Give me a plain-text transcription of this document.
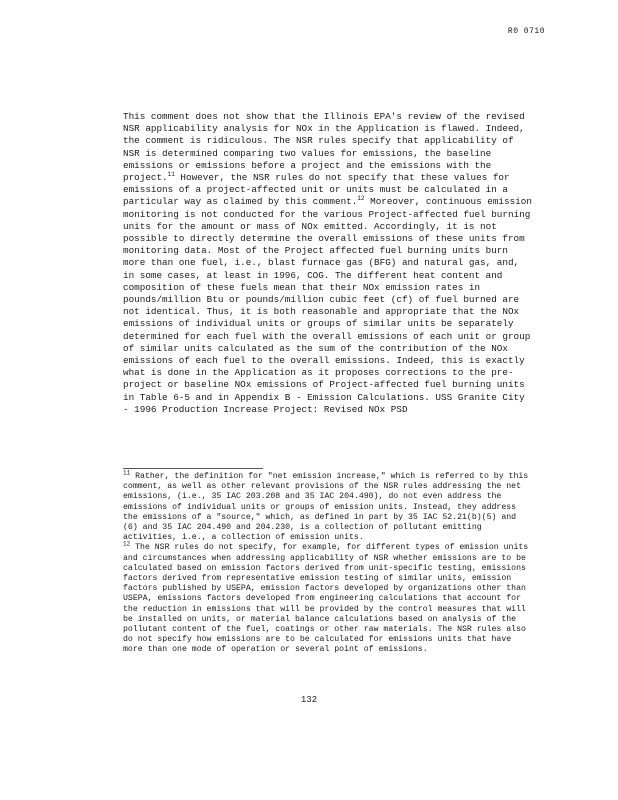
R0 0710

This comment does not show that the Illinois EPA's review of the revised NSR applicability analysis for NOx in the Application is flawed. Indeed, the comment is ridiculous. The NSR rules specify that applicability of NSR is determined comparing two values for emissions, the baseline emissions or emissions before a project and the emissions with the project.$^{11}$ However, the NSR rules do not specify that these values for emissions of a project-affected unit or units must be calculated in a particular way as claimed by this comment.$^{12}$ Moreover, continuous emission monitoring is not conducted for the various Project-affected fuel burning units for the amount or mass of NOx emitted. Accordingly, it is not possible to directly determine the overall emissions of these units from monitoring data. Most of the Project affected fuel burning units burn more than one fuel, i.e., blast furnace gas (BFG) and natural gas, and, in some cases, at least in 1996, COG. The different heat content and composition of these fuels mean that their NOx emission rates in pounds/million Btu or pounds/million cubic feet (cf) of fuel burned are not identical. Thus, it is both reasonable and appropriate that the NOx emissions of individual units or groups of similar units be separately determined for each fuel with the overall emissions of each unit or group of similar units calculated as the sum of the contribution of the NOx emissions of each fuel to the overall emissions. Indeed, this is exactly what is done in the Application as it proposes corrections to the pre-project or baseline NOx emissions of Project-affected fuel burning units in Table 6-5 and in Appendix B - Emission Calculations. USS Granite City - 1996 Production Increase Project: Revised NOx PSD

$^{11}$ Rather, the definition for "net emission increase," which is referred to by this comment, as well as other relevant provisions of the NSR rules addressing the net emissions, (i.e., 35 IAC 203.208 and 35 IAC 204.490), do not even address the emissions of individual units or groups of emission units. Instead, they address the emissions of a "source," which, as defined in part by 35 IAC 52.21(b)(5) and (6) and 35 IAC 204.490 and 204.230, is a collection of pollutant emitting activities, i.e., a collection of emission units.

$^{12}$ The NSR rules do not specify, for example, for different types of emission units and circumstances when addressing applicability of NSR whether emissions are to be calculated based on emission factors derived from unit-specific testing, emissions factors derived from representative emission testing of similar units, emission factors published by USEPA, emission factors developed by organizations other than USEPA, emissions factors developed from engineering calculations that account for the reduction in emissions that will be provided by the control measures that will be installed on units, or material balance calculations based on analysis of the pollutant content of the fuel, coatings or other raw materials. The NSR rules also do not specify how emissions are to be calculated for emissions units that have more than one mode of operation or several point of emissions.

132
